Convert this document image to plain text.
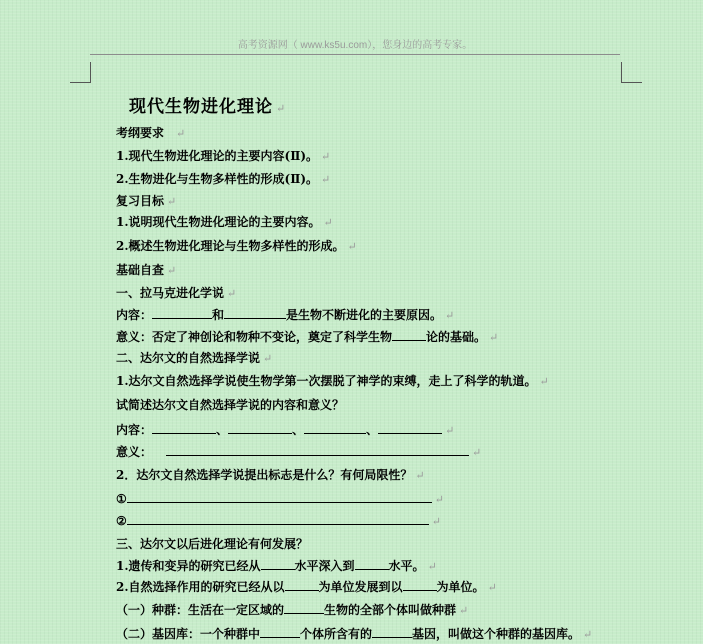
高考资源网（ www.ks5u.com），您身边的高考专家。
现代生物进化理论 ↵
考纲要求 ↵
1.现代生物进化理论的主要内容(Ⅱ)。 ↵
2.生物进化与生物多样性的形成(Ⅱ)。 ↵
复习目标 ↵
1.说明现代生物进化理论的主要内容。 ↵
2.概述生物进化理论与生物多样性的形成。 ↵
基础自查 ↵
一、拉马克进化学说 ↵
内容：	和	是生物不断进化的主要原因。 ↵
意义：否定了神创论和物种不变论，奠定了科学生物	论的基础。 ↵
二、达尔文的自然选择学说 ↵
1.达尔文自然选择学说使生物学第一次摆脱了神学的束缚，走上了科学的轨道。 ↵
试简述达尔文自然选择学说的内容和意义？
内容：	、	、	、	↵
意义：	↵
2．达尔文自然选择学说提出标志是什么？有何局限性？ ↵
①	↵
②	↵
三、达尔文以后进化理论有何发展？
1.遗传和变异的研究已经从	水平深入到	水平。 ↵
2.自然选择作用的研究已经从以	为单位发展到以	为单位。 ↵
（一）种群：生活在一定区域的	生物的全部个体叫做种群 ↵
（二）基因库：一个种群中	个体所含有的	基因，叫做这个种群的基因库。 ↵
